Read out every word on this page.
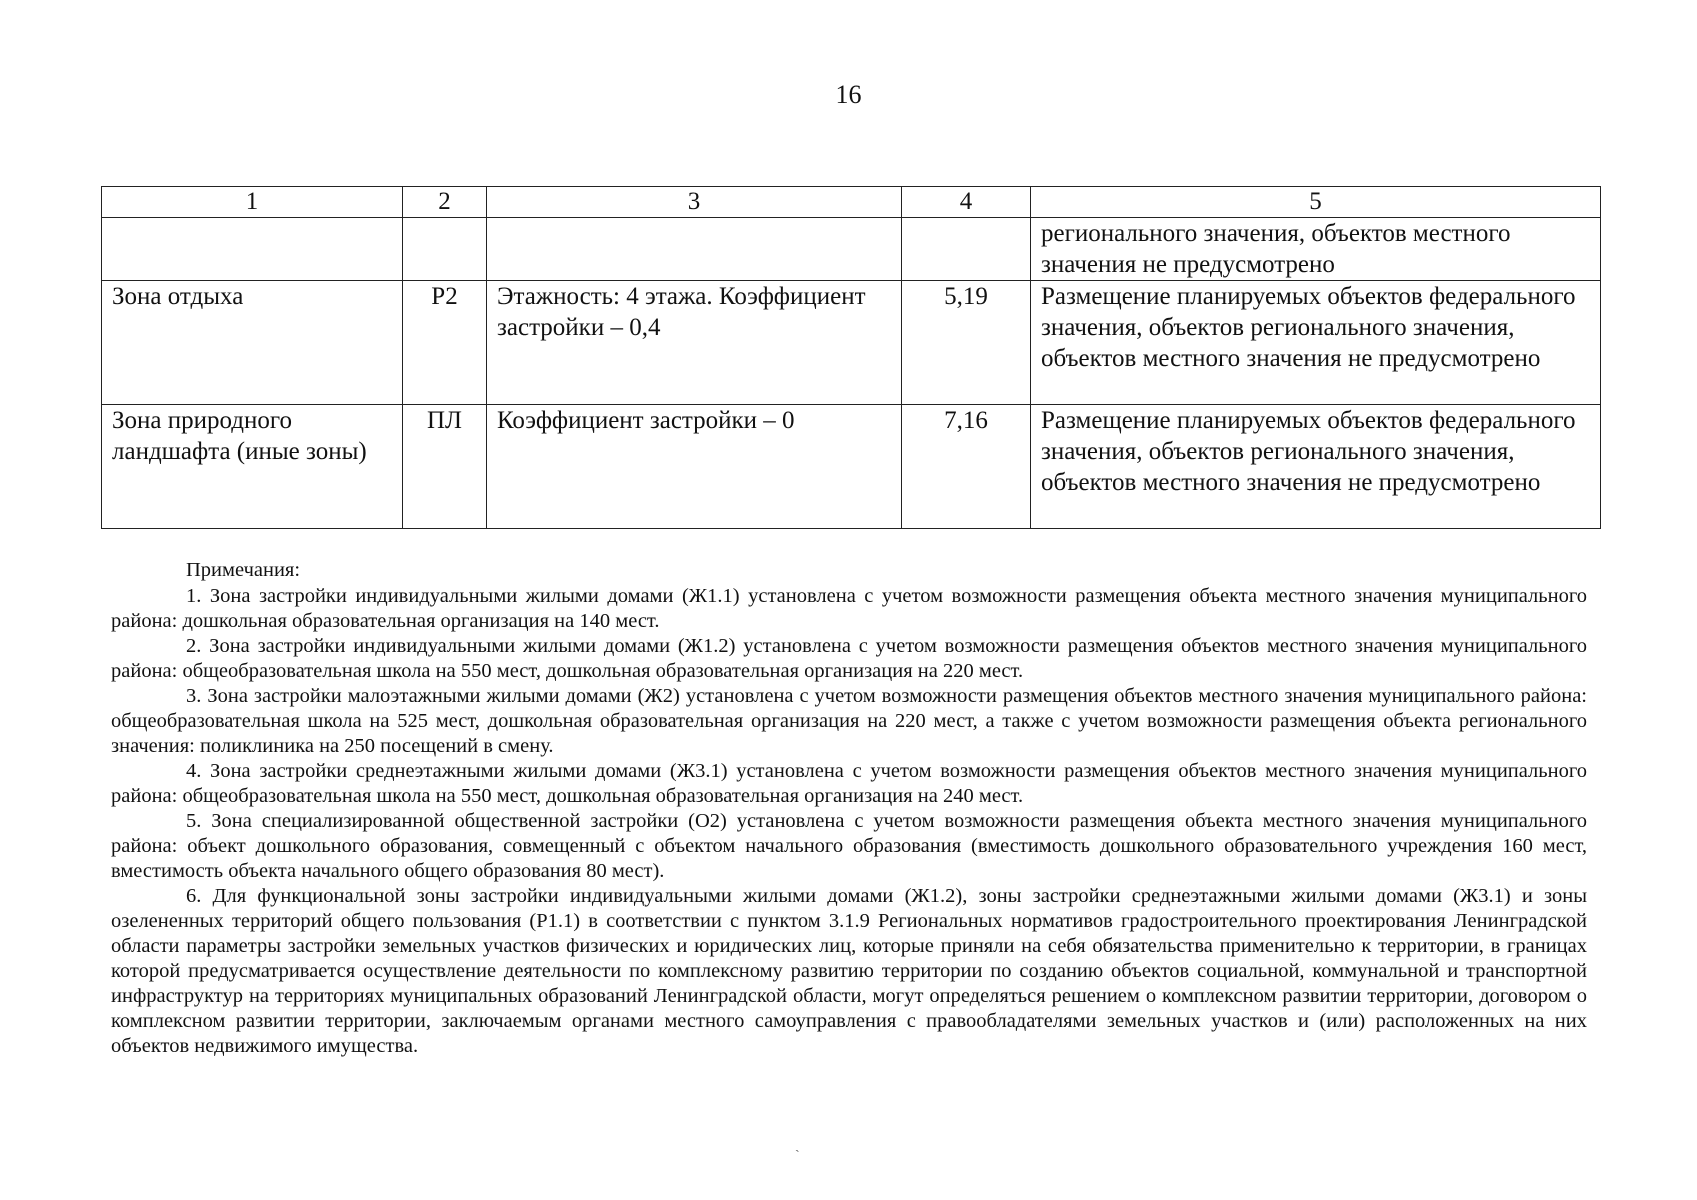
16
1	2	3	4	5
				регионального значения, объектов местного значения не предусмотрено
Зона отдыха	Р2	Этажность: 4 этажа. Коэффициент застройки – 0,4	5,19	Размещение планируемых объектов федерального значения, объектов регионального значения, объектов местного значения не предусмотрено
Зона природного ландшафта (иные зоны)	ПЛ	Коэффициент застройки – 0	7,16	Размещение планируемых объектов федерального значения, объектов регионального значения, объектов местного значения не предусмотрено

Примечания:

1. Зона застройки индивидуальными жилыми домами (Ж1.1) установлена с учетом возможности размещения объекта местного значения муниципального района: дошкольная образовательная организация на 140 мест.

2. Зона застройки индивидуальными жилыми домами (Ж1.2) установлена с учетом возможности размещения объектов местного значения муниципального района: общеобразовательная школа на 550 мест, дошкольная образовательная организация на 220 мест.

3. Зона застройки малоэтажными жилыми домами (Ж2) установлена с учетом возможности размещения объектов местного значения муниципального района: общеобразовательная школа на 525 мест, дошкольная образовательная организация на 220 мест, а также с учетом возможности размещения объекта регионального значения: поликлиника на 250 посещений в смену.

4. Зона застройки среднеэтажными жилыми домами (Ж3.1) установлена с учетом возможности размещения объектов местного значения муниципального района: общеобразовательная школа на 550 мест, дошкольная образовательная организация на 240 мест.

5. Зона специализированной общественной застройки (О2) установлена с учетом возможности размещения объекта местного значения муниципального района: объект дошкольного образования, совмещенный с объектом начального образования (вместимость дошкольного образовательного учреждения 160 мест, вместимость объекта начального общего образования 80 мест).

6. Для функциональной зоны застройки индивидуальными жилыми домами (Ж1.2), зоны застройки среднеэтажными жилыми домами (Ж3.1) и зоны озелененных территорий общего пользования (Р1.1) в соответствии с пунктом 3.1.9 Региональных нормативов градостроительного проектирования Ленинградской области параметры застройки земельных участков физических и юридических лиц, которые приняли на себя обязательства применительно к территории, в границах которой предусматривается осуществление деятельности по комплексному развитию территории по созданию объектов социальной, коммунальной и транспортной инфраструктур на территориях муниципальных образований Ленинградской области, могут определяться решением о комплексном развитии территории, договором о комплексном развитии территории, заключаемым органами местного самоуправления с правообладателями земельных участков и (или) расположенных на них объектов недвижимого имущества.

ˏ
